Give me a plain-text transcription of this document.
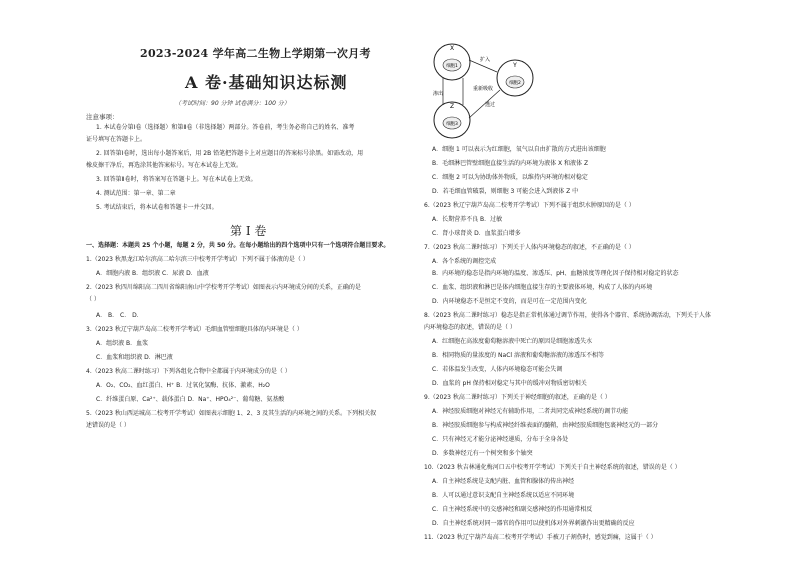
2023-2024 学年高二生物上学期第一次月考
A 卷·基础知识达标测
（考试时间：90 分钟 试卷满分：100 分）
注意事项：
1. 本试卷分第Ⅰ卷（选择题）和第Ⅱ卷（非选择题）两部分。答卷前，考生务必将自己的姓名、准考
证号填写在答题卡上。
2. 回答第Ⅰ卷时，选出每小题答案后，用 2B 铅笔把答题卡上对应题目的答案标号涂黑。如需改动，用
橡皮擦干净后，再选涂其他答案标号。写在本试卷上无效。
3. 回答第Ⅱ卷时，将答案写在答题卡上。写在本试卷上无效。
4. 测试范围：第一章、第二章
5. 考试结束后，将本试卷和答题卡一并交回。
第 I 卷
一、选择题：本题共 25 个小题，每题 2 分，共 50 分。在每小题给出的四个选项中只有一个选项符合题目要求。
1.（2023 秋黑龙江哈尔滨高二哈尔滨三中校考开学考试）下列不属于体液的是（ ）
A．细胞内液 B．组织液 C．尿液 D．血液
2.（2023 秋四川绵阳高二四川省绵阳南山中学校考开学考试）如图表示内环境成分间的关系，正确的是
（ ）
A． B． C． D．
3.（2023 秋辽宁葫芦岛高二校考开学考试）毛细血管壁细胞具体的内环境是（ ）
A．组织液 B．血浆
C．血浆和组织液 D．淋巴液
4.（2023 秋高二课时练习）下列各组化合物中全都属于内环境成分的是（ ）
A．O₂、CO₂、血红蛋白、H⁺ B．过氧化氢酶、抗体、激素、H₂O
C．纤维蛋白原、Ca²⁺、载体蛋白 D．Na⁺、HPO₄²⁻、葡萄糖、氨基酸
5.（2023 秋山西运城高二校考开学考试）如图表示细胞 1、2、3 及其生活的内环境之间的关系。下列相关叙
述错误的是（ ）
X
Y
Z
细胞1
细胞2
细胞3
扩入
重新吸收
透过
渗出
A．细胞 1 可以表示为红细胞，氧气以自由扩散的方式进出该细胞
B．毛细淋巴管壁细胞直接生活的内环境为液体 X 和液体 Z
C．细胞 2 可以为协助体外物质，以维持内环境的相对稳定
D．若毛细血管破裂，则细胞 3 可能会进入到液体 Z 中
6.（2023 秋辽宁葫芦岛高二校考开学考试）下列不属于组织水肿原因的是（ ）
A．长期营养不良 B．过敏
C．肾小球肾炎 D．血浆蛋白增多
7.（2023 秋高二课时练习）下列关于人体内环境稳态的叙述，不正确的是（ ）
A．各个系统的调控完成
B．内环境的稳态是指内环境的温度、渗透压、pH、血糖浓度等理化因子保持相对稳定的状态
C．血浆、组织液和淋巴是体内细胞直接生存的主要液体环境，构成了人体的内环境
D．内环境稳态不是恒定不变的，而是可在一定范围内变化
8.（2023 秋高二课时练习）稳态是指正常机体通过调节作用，使得各个器官、系统协调活动，下列关于人体
内环境稳态的叙述，错误的是（ ）
A．红细胞在高浓度葡萄糖溶液中死亡的原因是细胞渗透失水
B．相同物质的量浓度的 NaCl 溶液和葡萄糖溶液的渗透压不相等
C．若体温发生改变，人体内环境稳态可能会失调
D．血浆的 pH 保持相对稳定与其中的缓冲对物质密切相关
9.（2023 秋高二课时练习）下列关于神经细胞的叙述，正确的是（ ）
A．神经胶质细胞对神经元有辅助作用，二者共同完成神经系统的调节功能
B．神经胶质细胞参与构成神经纤维表面的髓鞘，由神经胶质细胞包裹神经元的一部分
C．只有神经元才能分泌神经递质，分布于全身各处
D．多数神经元有一个树突和多个轴突
10.（2023 秋吉林通化梅河口五中校考开学考试）下列关于自主神经系统的叙述，错误的是（ ）
A．自主神经系统是支配内脏、血管和腺体的传出神经
B．人可以通过意识支配自主神经系统以适应不同环境
C．自主神经系统中的交感神经和副交感神经的作用通常相反
D．自主神经系统对同一器官的作用可以使机体对外界刺激作出更精确的反应
11.（2023 秋辽宁葫芦岛高二校考开学考试）手被刀子割伤时，感觉到痛，这属于（ ）
